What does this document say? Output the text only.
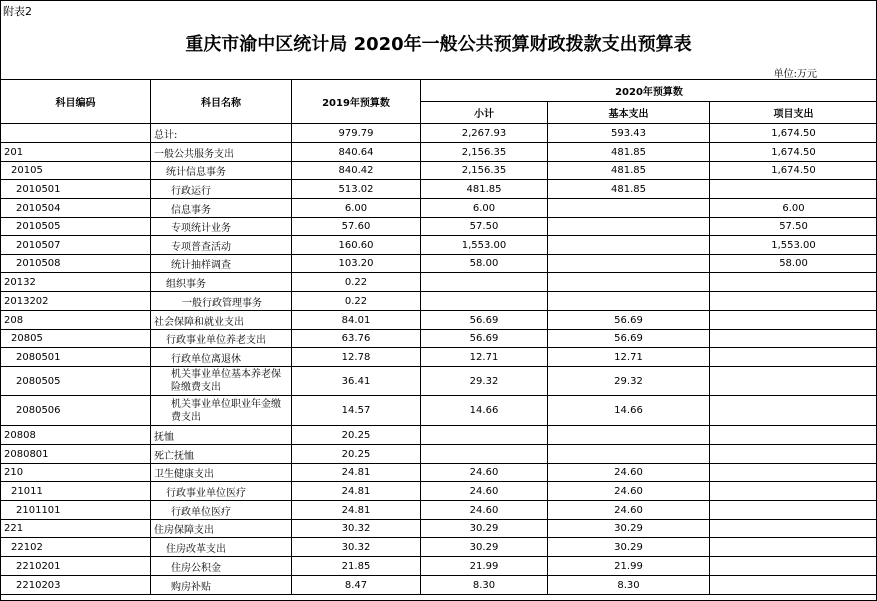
附表2
重庆市渝中区统计局 2020年一般公共预算财政拨款支出预算表
单位:万元
科目编码	科目名称	2019年预算数	2020年预算数		
			小计	基本支出	项目支出
	总计:	979.79	2,267.93	593.43	1,674.50
201	一般公共服务支出	840.64	2,156.35	481.85	1,674.50
20105	统计信息事务	840.42	2,156.35	481.85	1,674.50
2010501	行政运行	513.02	481.85	481.85	
2010504	信息事务	6.00	6.00		6.00
2010505	专项统计业务	57.60	57.50		57.50
2010507	专项普查活动	160.60	1,553.00		1,553.00
2010508	统计抽样调查	103.20	58.00		58.00
20132	组织事务	0.22			
2013202	一般行政管理事务	0.22			
208	社会保障和就业支出	84.01	56.69	56.69	
20805	行政事业单位养老支出	63.76	56.69	56.69	
2080501	行政单位离退休	12.78	12.71	12.71	
2080505	机关事业单位基本养老保险缴费支出	36.41	29.32	29.32	
2080506	机关事业单位职业年金缴费支出	14.57	14.66	14.66	
20808	抚恤	20.25			
2080801	死亡抚恤	20.25			
210	卫生健康支出	24.81	24.60	24.60	
21011	行政事业单位医疗	24.81	24.60	24.60	
2101101	行政单位医疗	24.81	24.60	24.60	
221	住房保障支出	30.32	30.29	30.29	
22102	住房改革支出	30.32	30.29	30.29	
2210201	住房公积金	21.85	21.99	21.99	
2210203	购房补贴	8.47	8.30	8.30	
